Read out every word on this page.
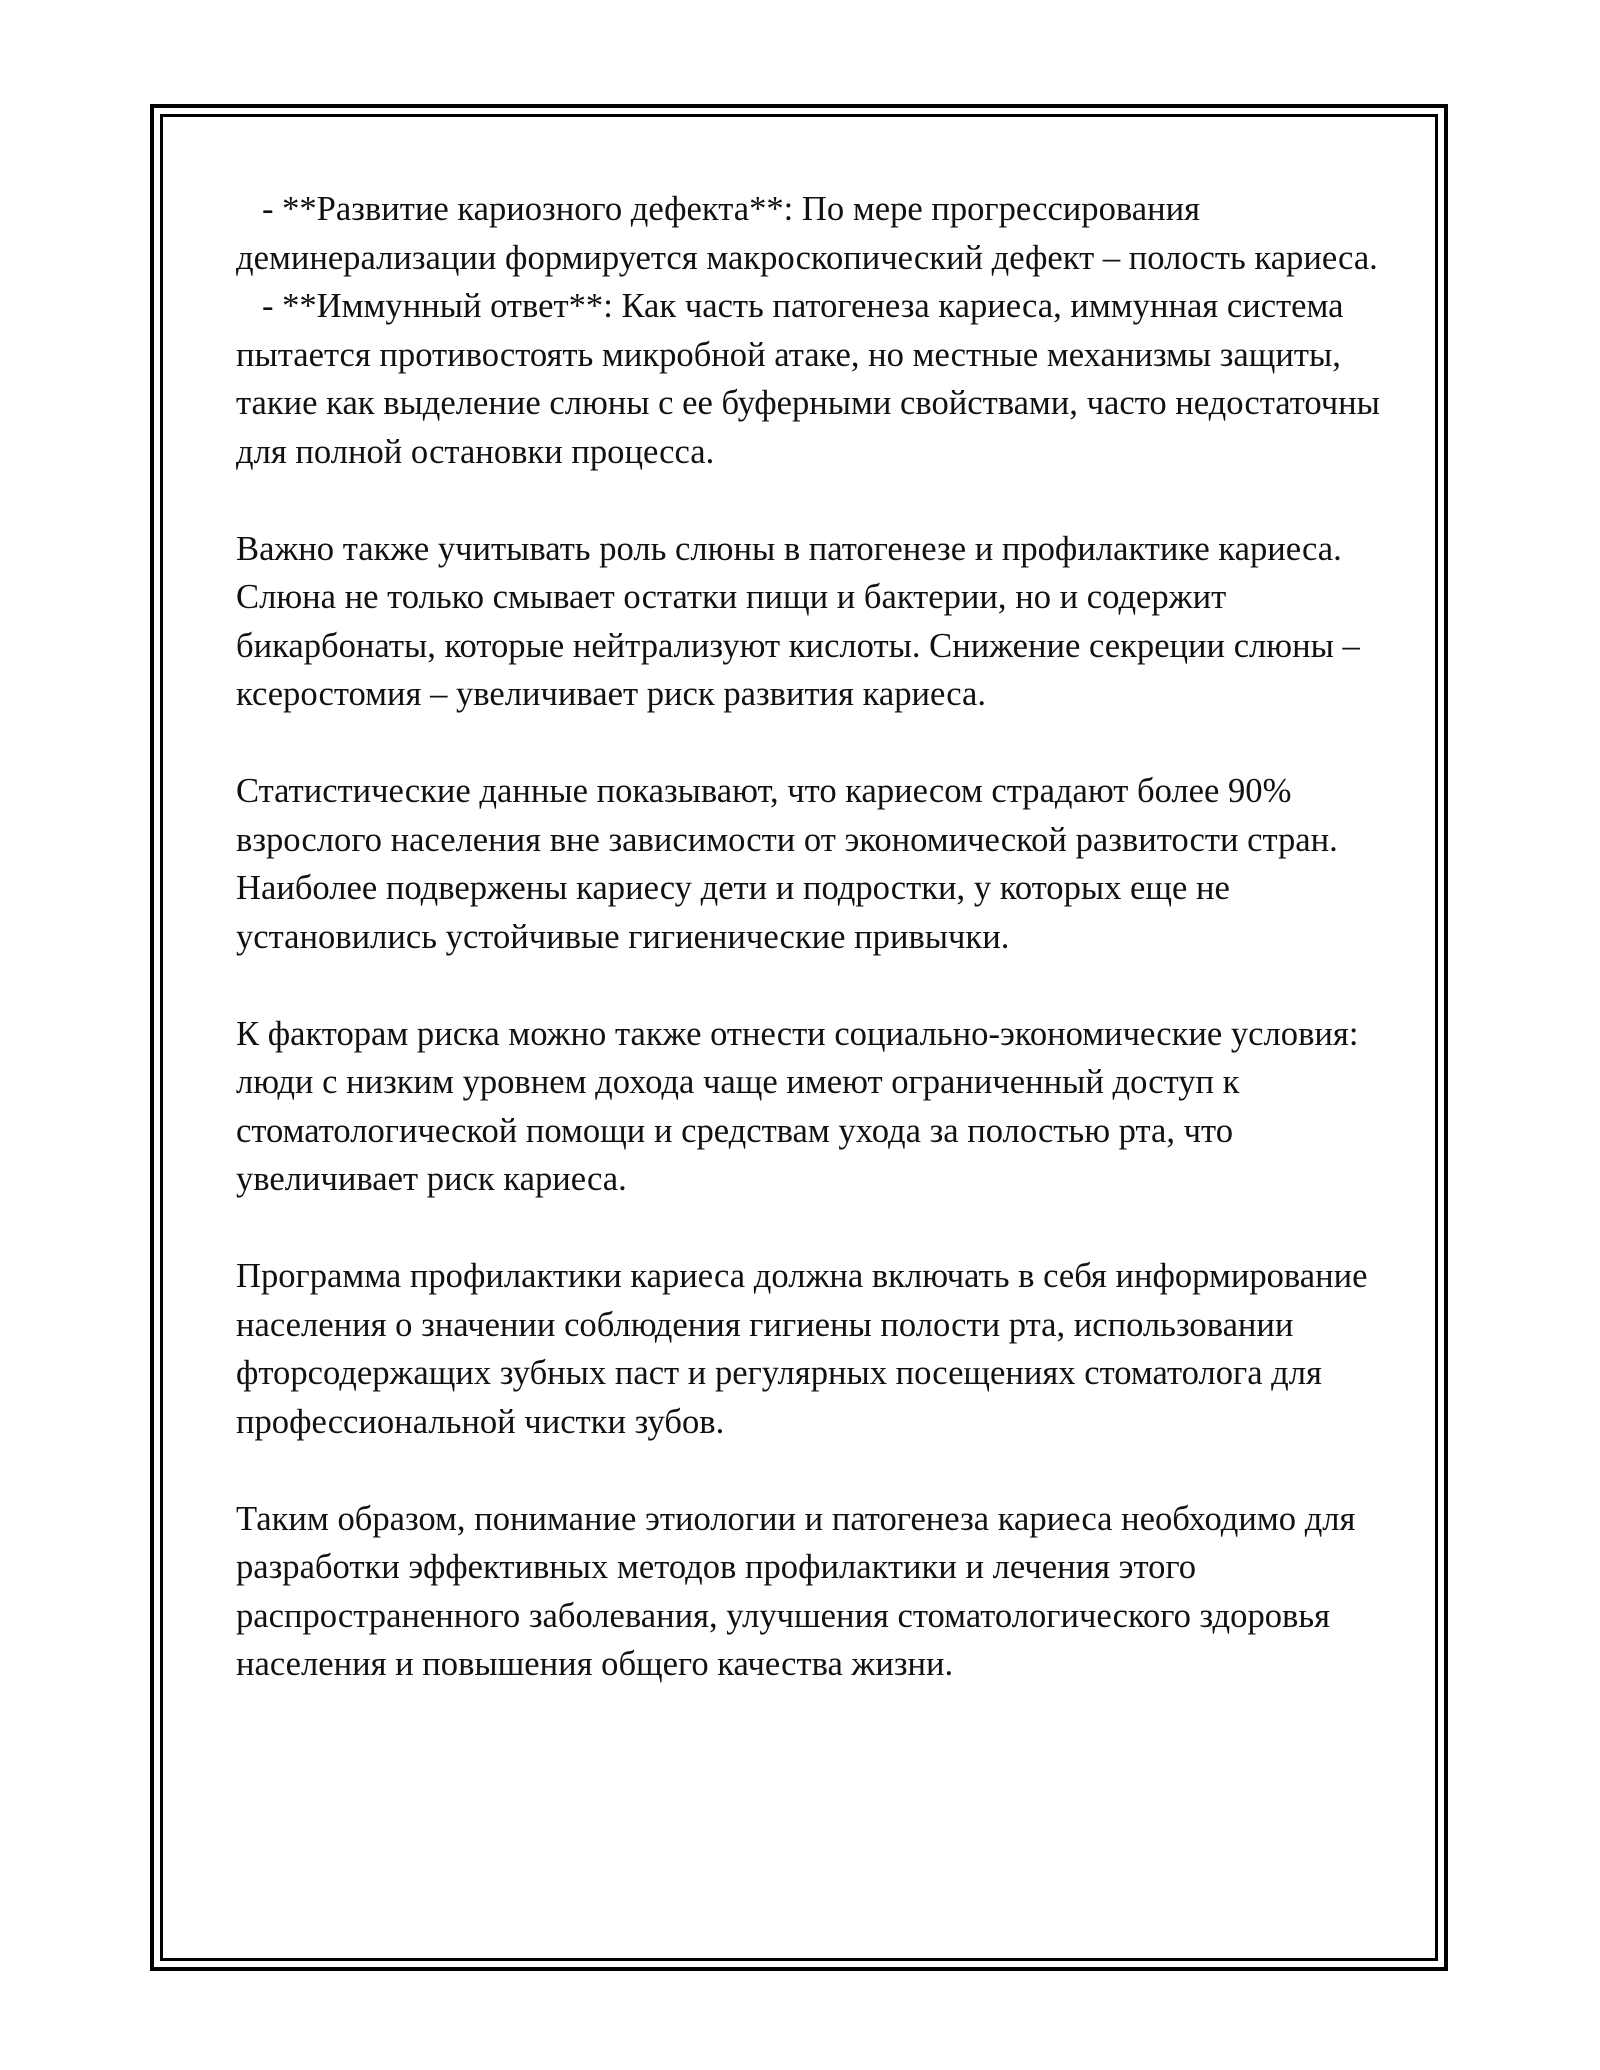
- **Развитие кариозного дефекта**: По мере прогрессирования деминерализации формируется макроскопический дефект – полость кариеса.

- **Иммунный ответ**: Как часть патогенеза кариеса, иммунная система пытается противостоять микробной атаке, но местные механизмы защиты, такие как выделение слюны с ее буферными свойствами, часто недостаточны для полной остановки процесса.

Важно также учитывать роль слюны в патогенезе и профилактике кариеса. Слюна не только смывает остатки пищи и бактерии, но и содержит бикарбонаты, которые нейтрализуют кислоты. Снижение секреции слюны – ксеростомия – увеличивает риск развития кариеса.

Статистические данные показывают, что кариесом страдают более 90% взрослого населения вне зависимости от экономической развитости стран. Наиболее подвержены кариесу дети и подростки, у которых еще не установились устойчивые гигиенические привычки.

К факторам риска можно также отнести социально-экономические условия: люди с низким уровнем дохода чаще имеют ограниченный доступ к стоматологической помощи и средствам ухода за полостью рта, что увеличивает риск кариеса.

Программа профилактики кариеса должна включать в себя информирование населения о значении соблюдения гигиены полости рта, использовании фторсодержащих зубных паст и регулярных посещениях стоматолога для профессиональной чистки зубов.

Таким образом, понимание этиологии и патогенеза кариеса необходимо для разработки эффективных методов профилактики и лечения этого распространенного заболевания, улучшения стоматологического здоровья населения и повышения общего качества жизни.
